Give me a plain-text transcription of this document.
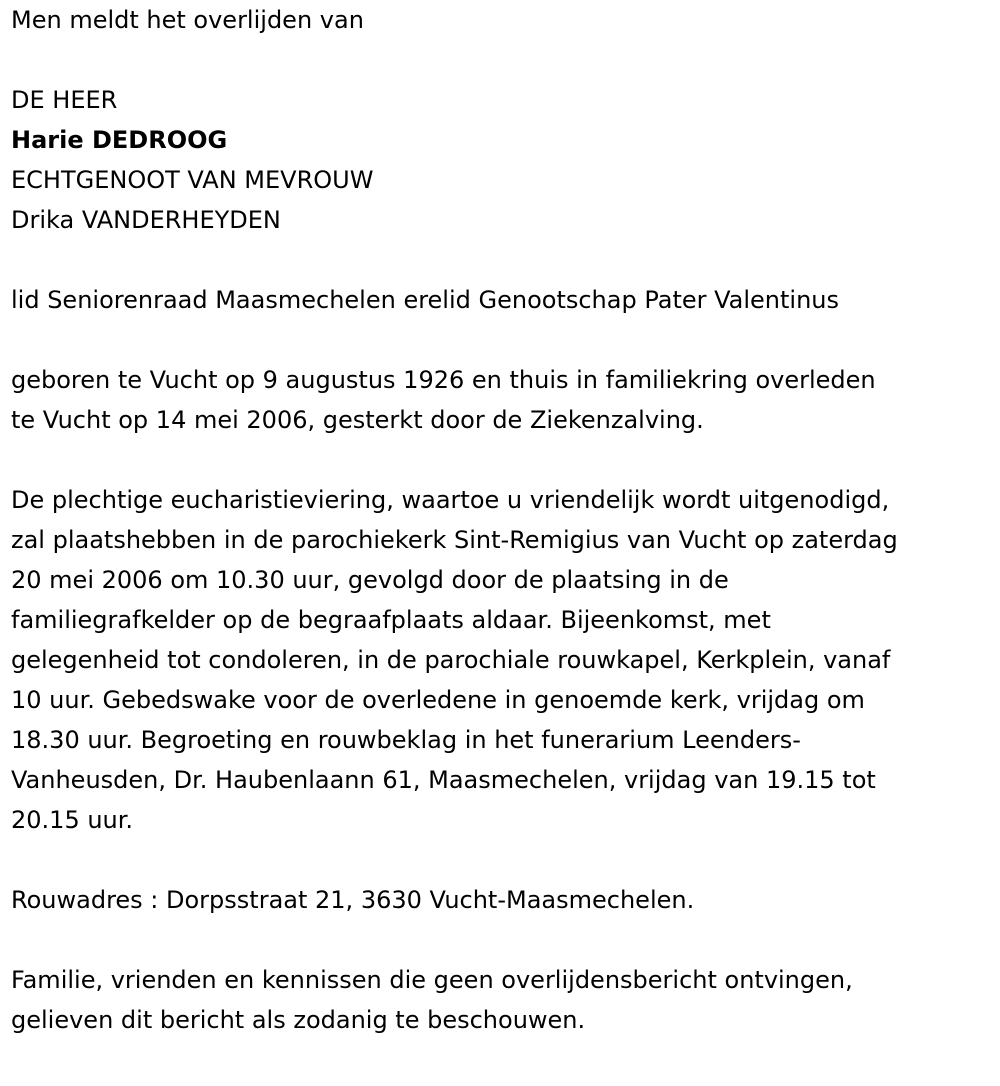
Men meldt het overlijden van
DE HEER
Harie DEDROOG
ECHTGENOOT VAN MEVROUW
Drika VANDERHEYDEN
lid Seniorenraad Maasmechelen erelid Genootschap Pater Valentinus
geboren te Vucht op 9 augustus 1926 en thuis in familiekring overleden
te Vucht op 14 mei 2006, gesterkt door de Ziekenzalving.
De plechtige eucharistieviering, waartoe u vriendelijk wordt uitgenodigd,
zal plaatshebben in de parochiekerk Sint-Remigius van Vucht op zaterdag
20 mei 2006 om 10.30 uur, gevolgd door de plaatsing in de
familiegrafkelder op de begraafplaats aldaar. Bijeenkomst, met
gelegenheid tot condoleren, in de parochiale rouwkapel, Kerkplein, vanaf
10 uur. Gebedswake voor de overledene in genoemde kerk, vrijdag om
18.30 uur. Begroeting en rouwbeklag in het funerarium Leenders-
Vanheusden, Dr. Haubenlaann 61, Maasmechelen, vrijdag van 19.15 tot
20.15 uur.
Rouwadres : Dorpsstraat 21, 3630 Vucht-Maasmechelen.
Familie, vrienden en kennissen die geen overlijdensbericht ontvingen,
gelieven dit bericht als zodanig te beschouwen.
